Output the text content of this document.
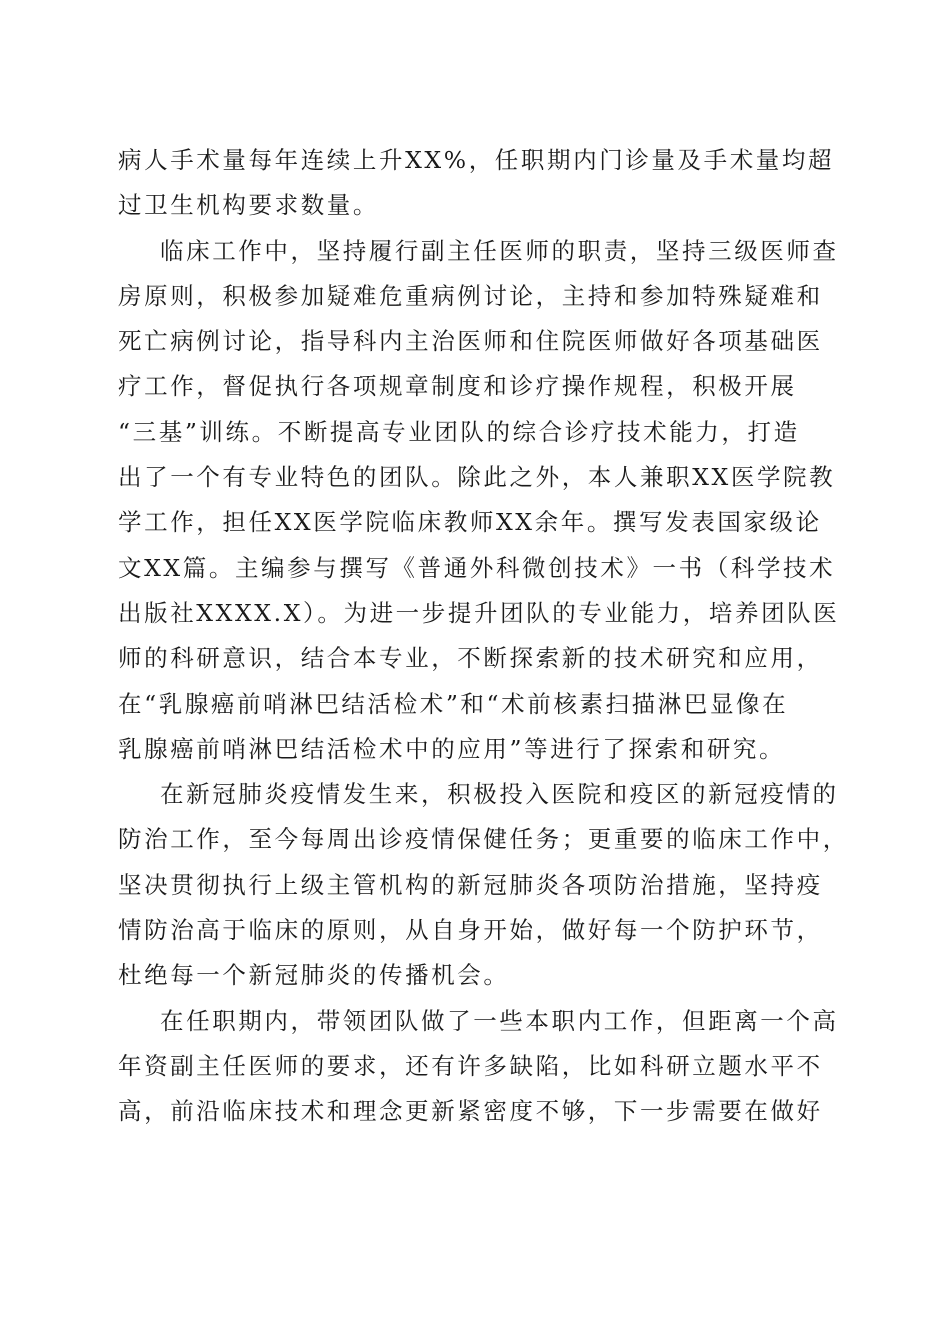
病人手术量每年连续上升XX%，任职期内门诊量及手术量均超
过卫生机构要求数量。
临床工作中，坚持履行副主任医师的职责，坚持三级医师查
房原则，积极参加疑难危重病例讨论，主持和参加特殊疑难和
死亡病例讨论，指导科内主治医师和住院医师做好各项基础医
疗工作，督促执行各项规章制度和诊疗操作规程，积极开展
“三基”训练。不断提高专业团队的综合诊疗技术能力，打造
出了一个有专业特色的团队。除此之外，本人兼职XX医学院教
学工作，担任XX医学院临床教师XX余年。撰写发表国家级论
文XX篇。主编参与撰写《普通外科微创技术》一书（科学技术
出版社XXXX.X）。为进一步提升团队的专业能力，培养团队医
师的科研意识，结合本专业，不断探索新的技术研究和应用，
在“乳腺癌前哨淋巴结活检术”和“术前核素扫描淋巴显像在
乳腺癌前哨淋巴结活检术中的应用”等进行了探索和研究。
在新冠肺炎疫情发生来，积极投入医院和疫区的新冠疫情的
防治工作，至今每周出诊疫情保健任务；更重要的临床工作中，
坚决贯彻执行上级主管机构的新冠肺炎各项防治措施，坚持疫
情防治高于临床的原则，从自身开始，做好每一个防护环节，
杜绝每一个新冠肺炎的传播机会。
在任职期内，带领团队做了一些本职内工作，但距离一个高
年资副主任医师的要求，还有许多缺陷，比如科研立题水平不
高，前沿临床技术和理念更新紧密度不够，下一步需要在做好
